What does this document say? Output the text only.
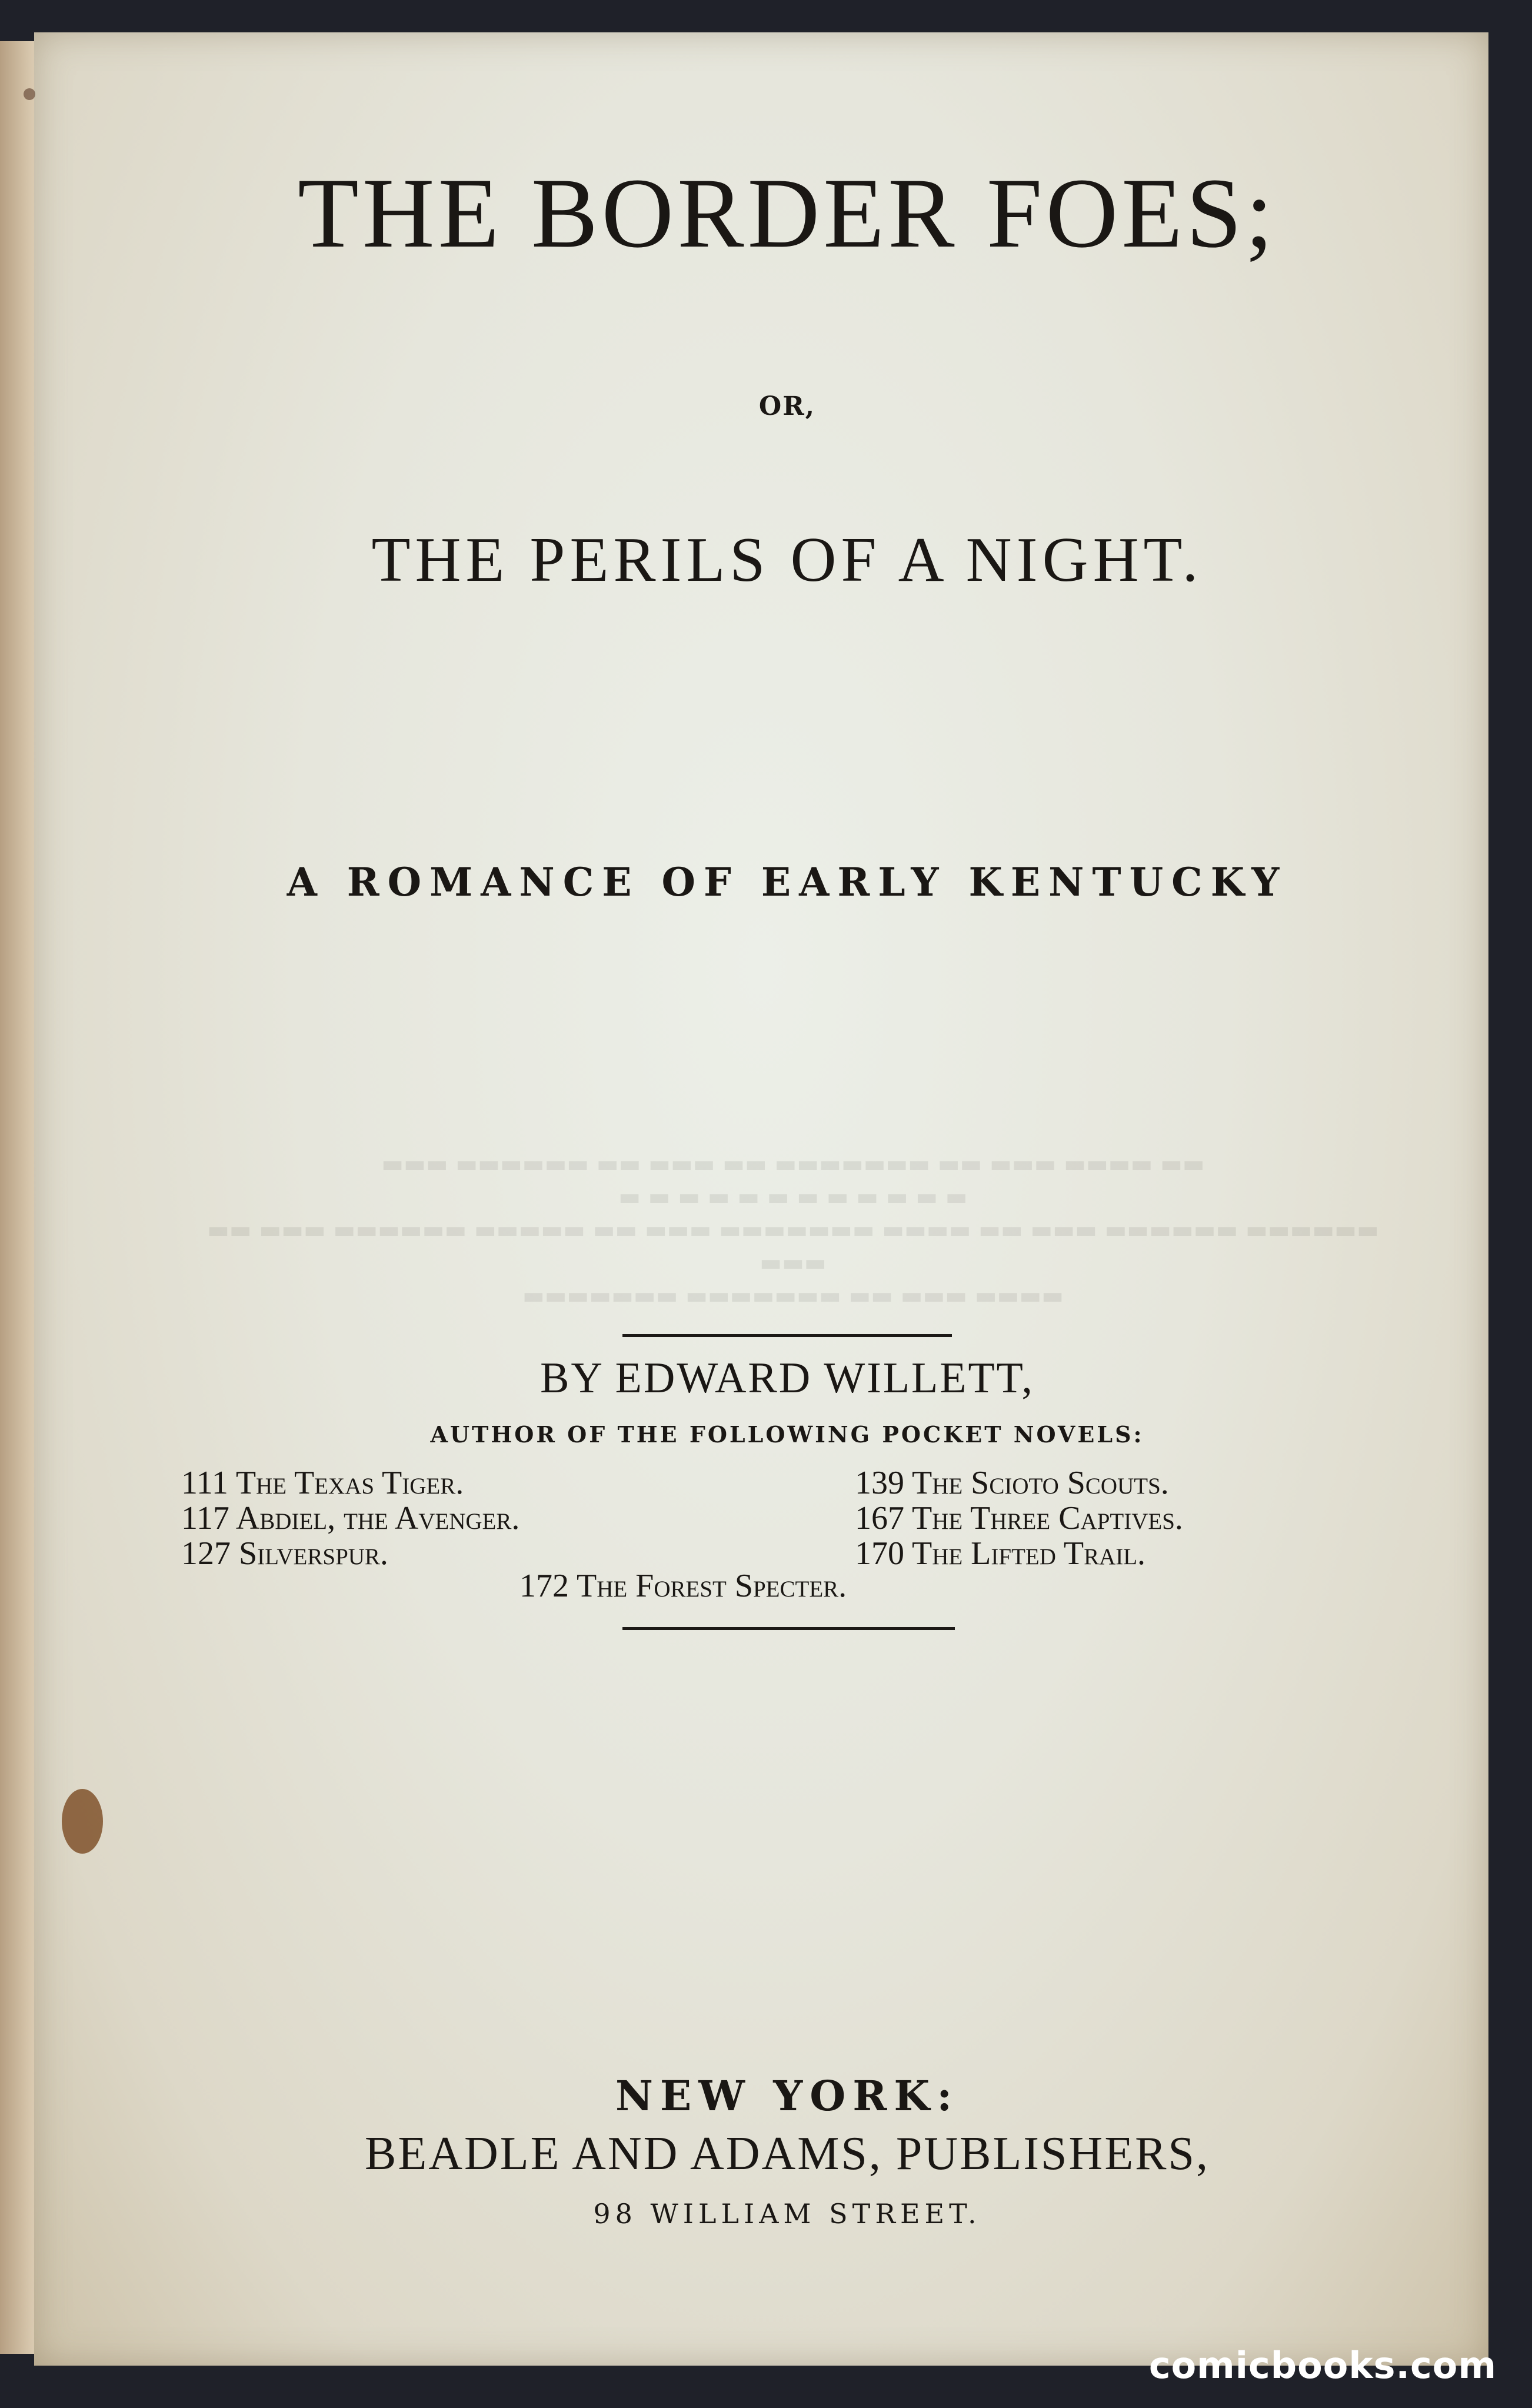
THE BORDER FOES;
OR,
THE PERILS OF A NIGHT.
A ROMANCE OF EARLY KENTUCKY
▬▬▬ ▬▬▬▬▬▬ ▬▬ ▬▬▬ ▬▬ ▬▬▬▬▬▬▬ ▬▬ ▬▬▬ ▬▬▬▬ ▬▬
▬ ▬ ▬ ▬ ▬ ▬ ▬ ▬ ▬ ▬ ▬ ▬
▬▬ ▬▬▬ ▬▬▬▬▬▬ ▬▬▬▬▬ ▬▬ ▬▬▬ ▬▬▬▬▬▬▬ ▬▬▬▬ ▬▬ ▬▬▬ ▬▬▬▬▬▬ ▬▬▬▬▬▬ ▬▬▬
▬▬▬▬▬▬▬ ▬▬▬▬▬▬▬ ▬▬ ▬▬▬ ▬▬▬▬
BY EDWARD WILLETT,
AUTHOR OF THE FOLLOWING POCKET NOVELS:
111 The Texas Tiger.
117 Abdiel, the Avenger.
127 Silverspur.
139 The Scioto Scouts.
167 The Three Captives.
170 The Lifted Trail.
172 The Forest Specter.
NEW YORK:
BEADLE AND ADAMS, PUBLISHERS,
98 WILLIAM STREET.
comicbooks.com
